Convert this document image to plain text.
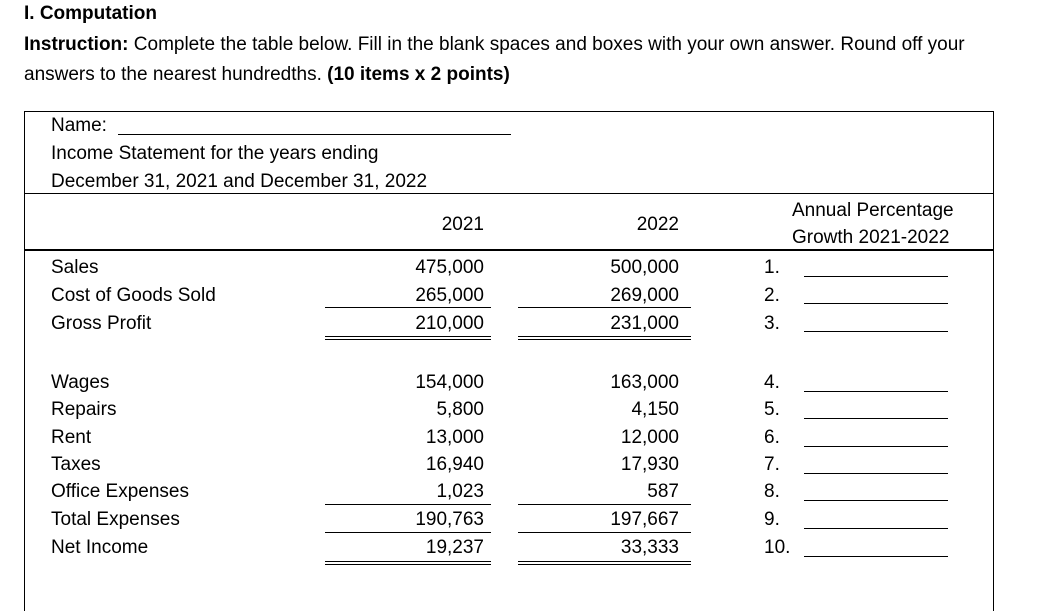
I. Computation
Instruction: Complete the table below. Fill in the blank spaces and boxes with your own answer. Round off your answers to the nearest hundredths. (10 items x 2 points)
Name:
Income Statement for the years ending
December 31, 2021 and December 31, 2022
2021	2022
Annual Percentage
Growth 2021-2022
Sales	475,000	500,000	1.
Cost of Goods Sold	265,000	269,000	2.
Gross Profit	210,000	231,000	3.
Wages	154,000	163,000	4.
Repairs	5,800	4,150	5.
Rent	13,000	12,000	6.
Taxes	16,940	17,930	7.
Office Expenses	1,023	587	8.
Total Expenses	190,763	197,667	9.
Net Income	19,237	33,333	10.
